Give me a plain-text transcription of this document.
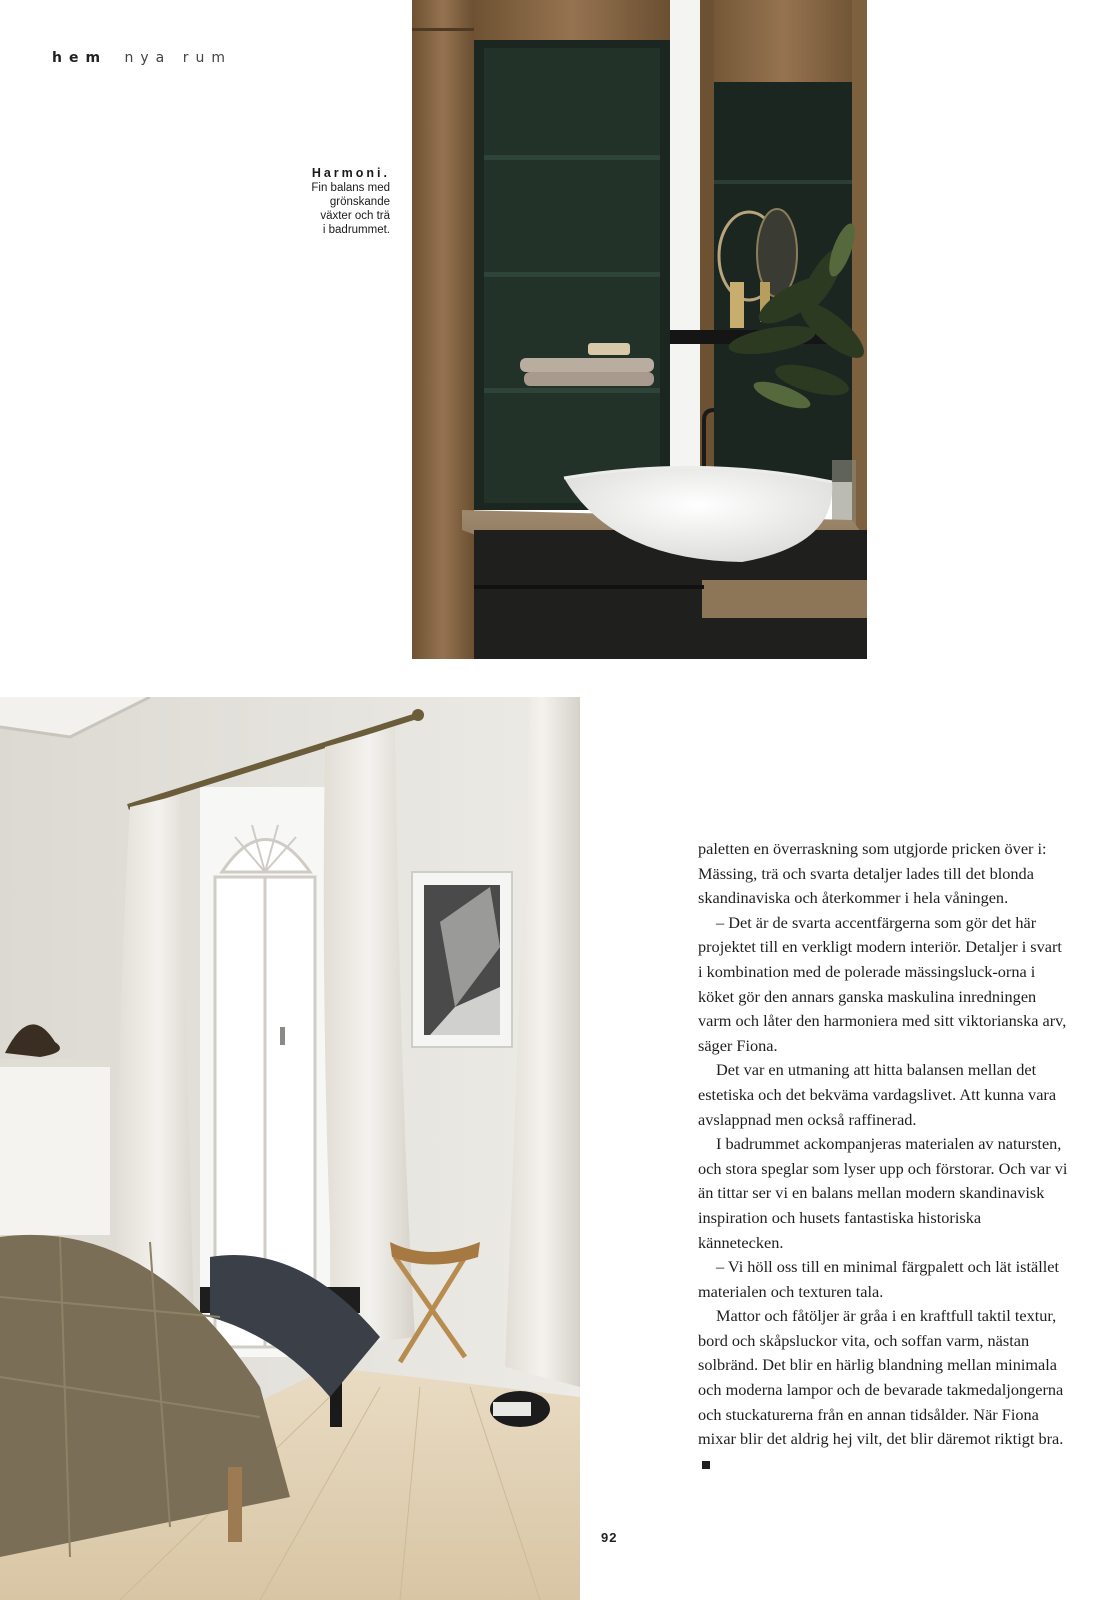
hem nya rum
Harmoni.
Fin balans med
grönskande
växter och trä
i badrummet.

paletten en överraskning som utgjorde pricken över i: Mässing, trä och svarta detaljer lades till det blonda skandinaviska och återkommer i hela våningen.

– Det är de svarta accentfärgerna som gör det här projektet till en verkligt modern interiör. Detaljer i svart i kombination med de polerade mässingsluck-orna i köket gör den annars ganska maskulina inredningen varm och låter den harmoniera med sitt viktorianska arv, säger Fiona.

Det var en utmaning att hitta balansen mellan det estetiska och det bekväma vardagslivet. Att kunna vara avslappnad men också raffinerad.

I badrummet ackompanjeras materialen av natursten, och stora speglar som lyser upp och förstorar. Och var vi än tittar ser vi en balans mellan modern skandinavisk inspiration och husets fantastiska historiska kännetecken.

– Vi höll oss till en minimal färgpalett och lät istället materialen och texturen tala.

Mattor och fåtöljer är gråa i en kraftfull taktil textur, bord och skåpsluckor vita, och soffan varm, nästan solbränd. Det blir en härlig blandning mellan minimala och moderna lampor och de bevarade takmedaljongerna och stuckaturerna från en annan tidsålder. När Fiona mixar blir det aldrig hej vilt, det blir däremot riktigt bra.

92
